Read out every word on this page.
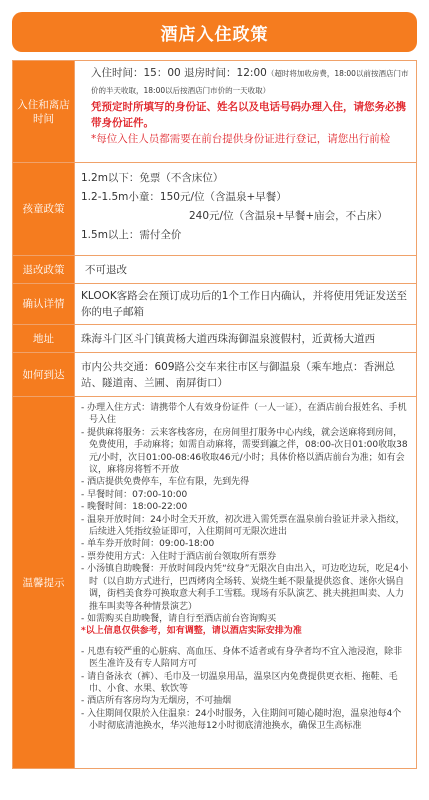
酒店入住政策
入住和离店时间
入住时间：15：00 退房时间：12:00（超时将加收房费，18:00以前按酒店门市价的半天收取，18:00以后按酒店门市价的一天收取）
凭预定时所填写的身份证、姓名以及电话号码办理入住，请您务必携带身份证件。
*每位入住人员都需要在前台提供身份证进行登记，请您出行前检
孩童政策
1.2m以下：免票（不含床位）
1.2-1.5m小童：150元/位（含温泉+早餐）
240元/位（含温泉+早餐+庙会，不占床）
1.5m以上：需付全价
退改政策	不可退改
确认详情
KLOOK客路会在预订成功后的1个工作日内确认，并将使用凭证发送至你的电子邮箱
地址	珠海斗门区斗门镇黄杨大道西珠海御温泉渡假村，近黄杨大道西
如何到达
市内公共交通：609路公交车来往市区与御温泉（乘车地点：香洲总站、隧道南、兰圃、南屏街口）
温馨提示
- 办理入住方式：请携带个人有效身份证件（一人一证），在酒店前台报姓名、手机号入住
- 提供麻将服务：云来客栈客房，在房间里打服务中心内线，就会送麻将到房间，免费使用，手动麻将；如需自动麻将，需要到瀛之伴，08:00-次日01:00收取38元/小时，次日01:00-08:46收取46元/小时；具体价格以酒店前台为准；如有会议，麻将房将暂不开放
- 酒店提供免费停车，车位有限，先到先得
- 早餐时间：07:00-10:00
- 晚餐时间：18:00-22:00
- 温泉开放时间：24小时全天开放，初次进入需凭票在温泉前台验证并录入指纹，后续进入凭指纹验证即可，入住期间可无限次进出
- 单车券开放时间：09:00-18:00
- 票券使用方式：入住时于酒店前台领取所有票券
- 小汤镇自助晚餐：开放时间段内凭“纹身”无限次自由出入，可边吃边玩，吃足4小时（以自助方式进行，巴西烤肉全场转、炭烧生蚝不限量提供恣食、迷你火锅自调，街档美食券可换取意大利手工雪糕。现场有乐队演艺、挑夫挑担叫卖、人力推车叫卖等各种情景演艺）
- 如需购买自助晚餐，请自行至酒店前台咨询购买
*以上信息仅供参考，如有调整，请以酒店实际安排为准
- 凡患有较严重的心脏病、高血压、身体不适者或有身孕者均不宜入池浸泡，除非医生准许及有专人陪同方可
- 请自备泳衣（裤）、毛巾及一切温泉用品，温泉区内免费提供更衣柜、拖鞋、毛巾、小食、水果、软饮等
- 酒店所有客房均为无烟房，不可抽烟
- 入住期间仅限於入住温泉：24小时服务，入住期间可随心随时泡，温泉池每4个小时彻底清池换水，华兴池每12小时彻底清池换水，确保卫生高标准
